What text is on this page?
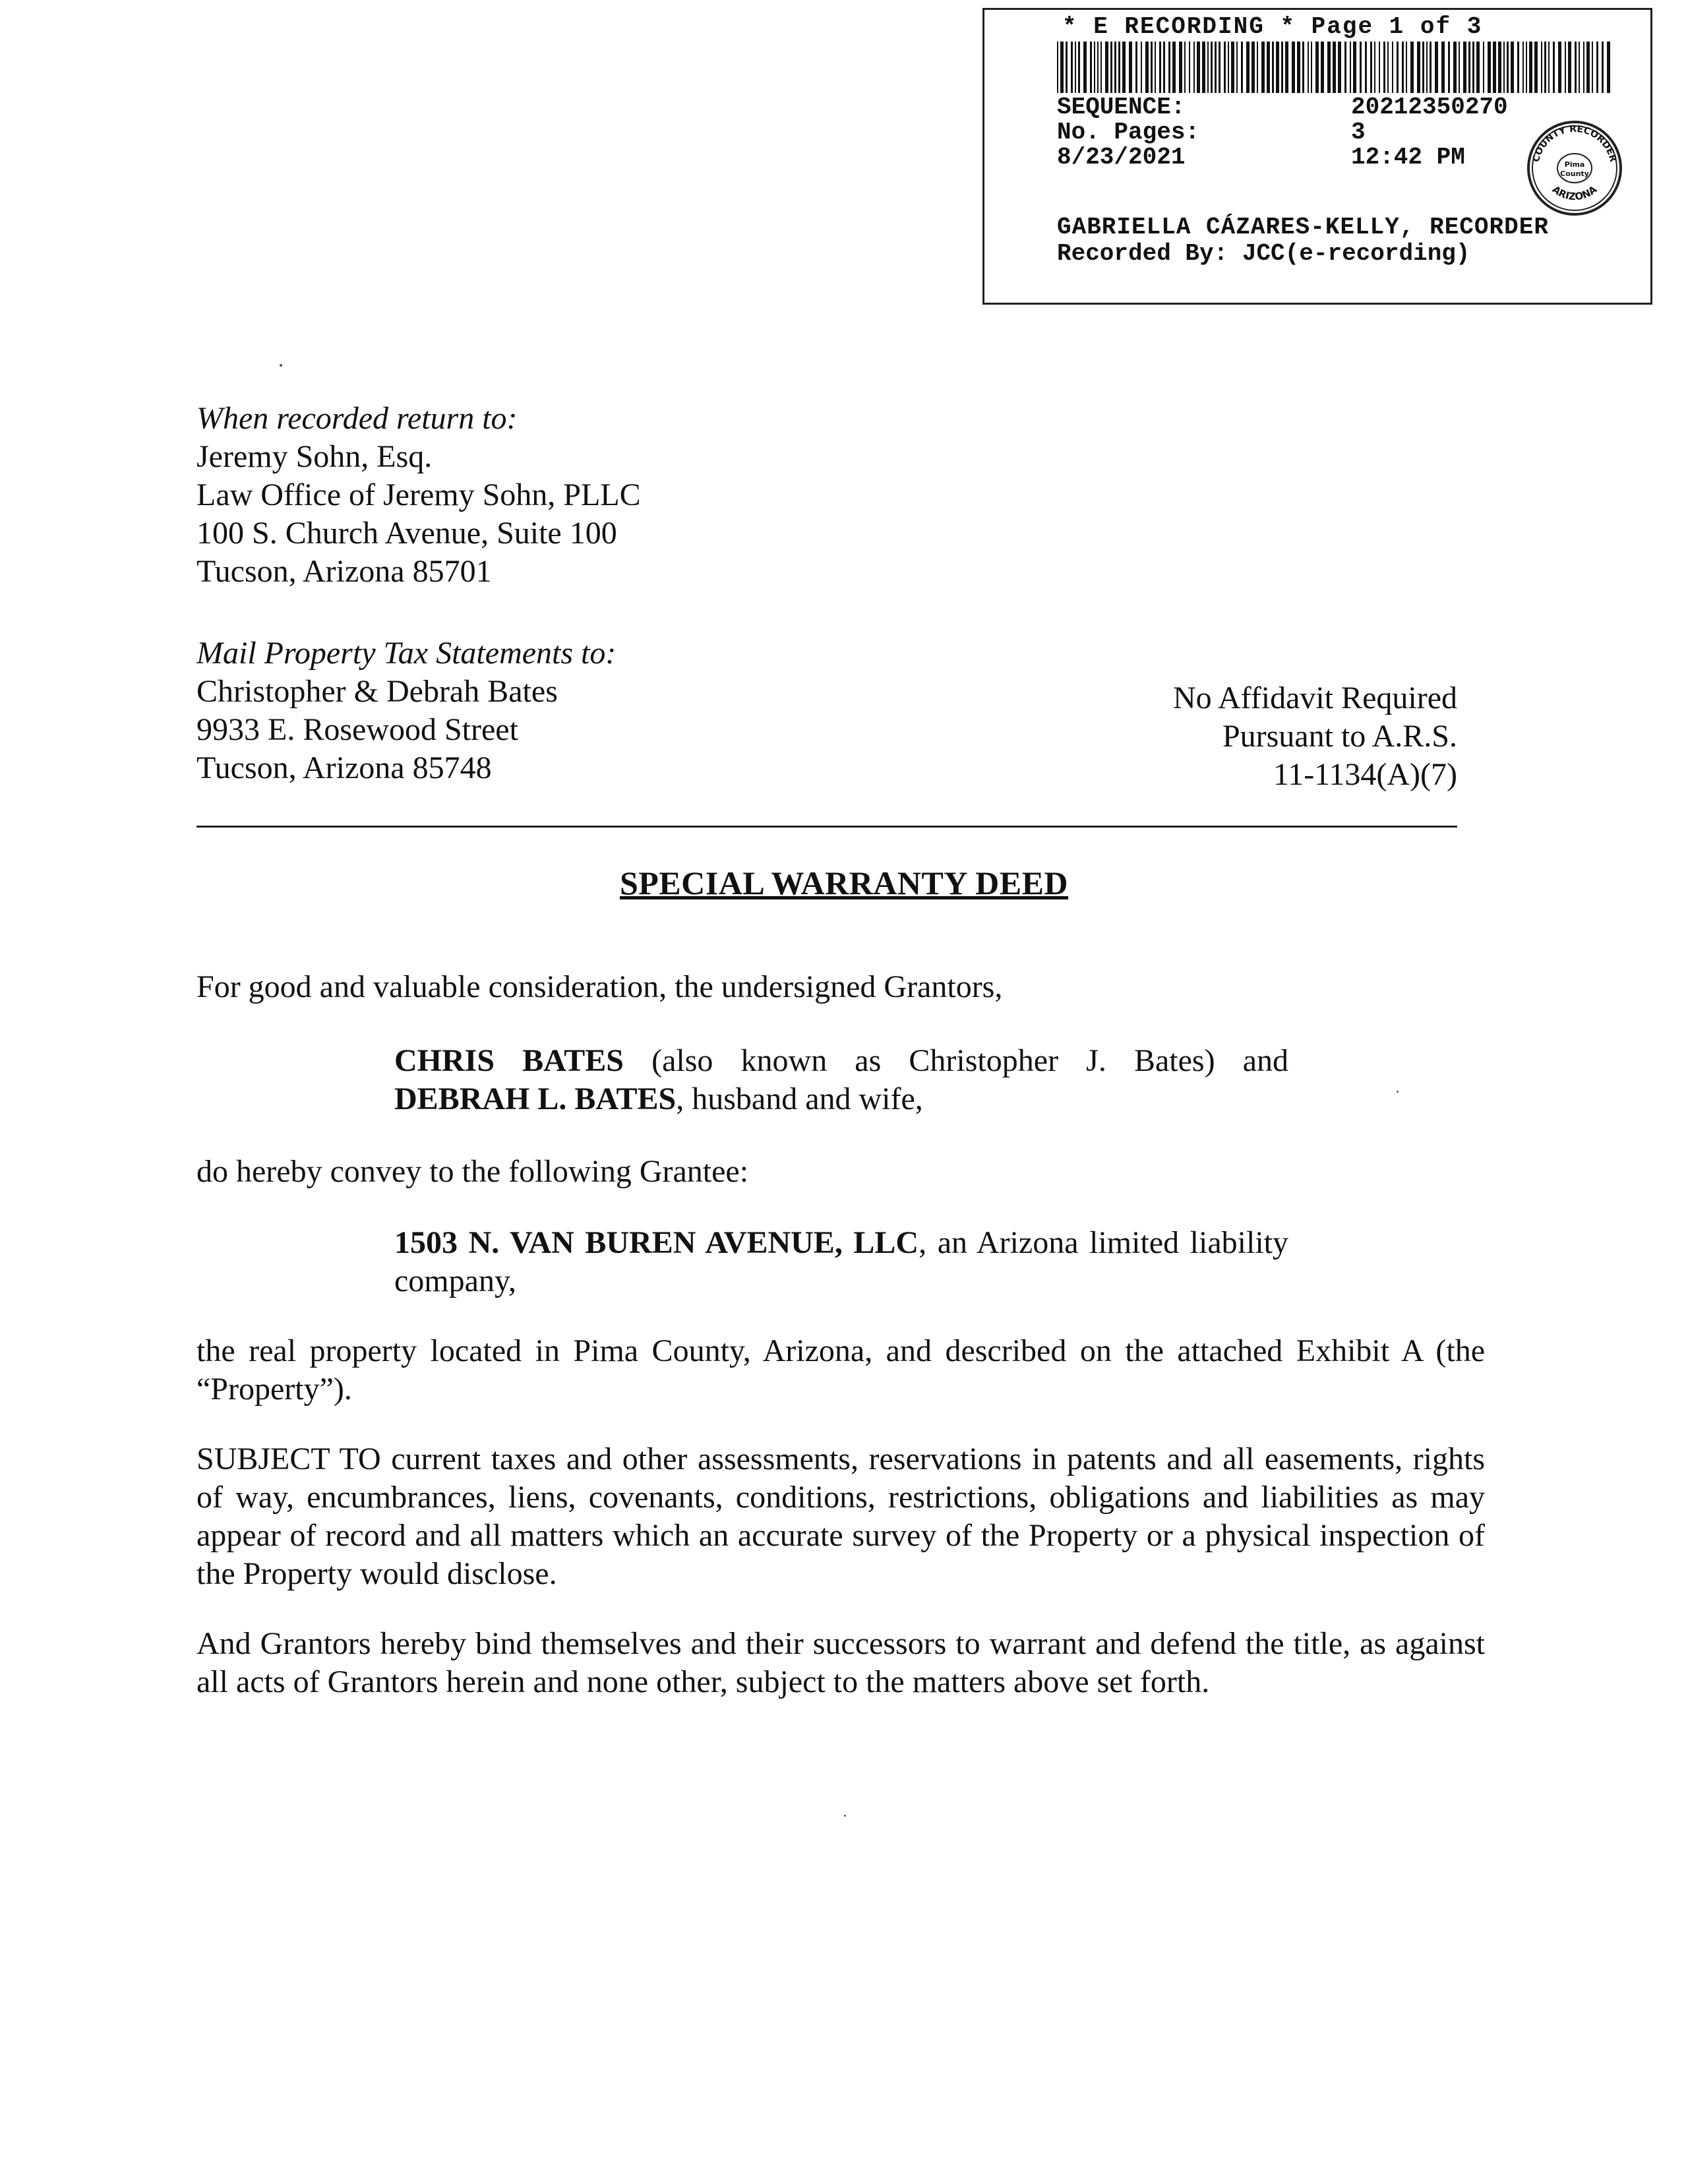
* E RECORDING * Page 1 of 3
SEQUENCE:	20212350270
No. Pages:	3
8/23/2021	12:42 PM	COUNTY RECORDER
ARIZONA
Pima
County
GABRIELLA CÁZARES-KELLY, RECORDER
Recorded By: JCC(e-recording)
When recorded return to:
Jeremy Sohn, Esq.
Law Office of Jeremy Sohn, PLLC
100 S. Church Avenue, Suite 100
Tucson, Arizona 85701
Mail Property Tax Statements to:
Christopher & Debrah Bates
9933 E. Rosewood Street
Tucson, Arizona 85748
No Affidavit Required
Pursuant to A.R.S.
11-1134(A)(7)
SPECIAL WARRANTY DEED

For good and valuable consideration, the undersigned Grantors,

CHRIS BATES (also known as Christopher J. Bates) and

DEBRAH L. BATES, husband and wife,

do hereby convey to the following Grantee:

1503 N. VAN BUREN AVENUE, LLC, an Arizona limited liability company,

the real property located in Pima County, Arizona, and described on the attached Exhibit A (the “Property”).

SUBJECT TO current taxes and other assessments, reservations in patents and all easements, rights of way, encumbrances, liens, covenants, conditions, restrictions, obligations and liabilities as may appear of record and all matters which an accurate survey of the Property or a physical inspection of the Property would disclose.

And Grantors hereby bind themselves and their successors to warrant and defend the title, as against all acts of Grantors herein and none other, subject to the matters above set forth.
